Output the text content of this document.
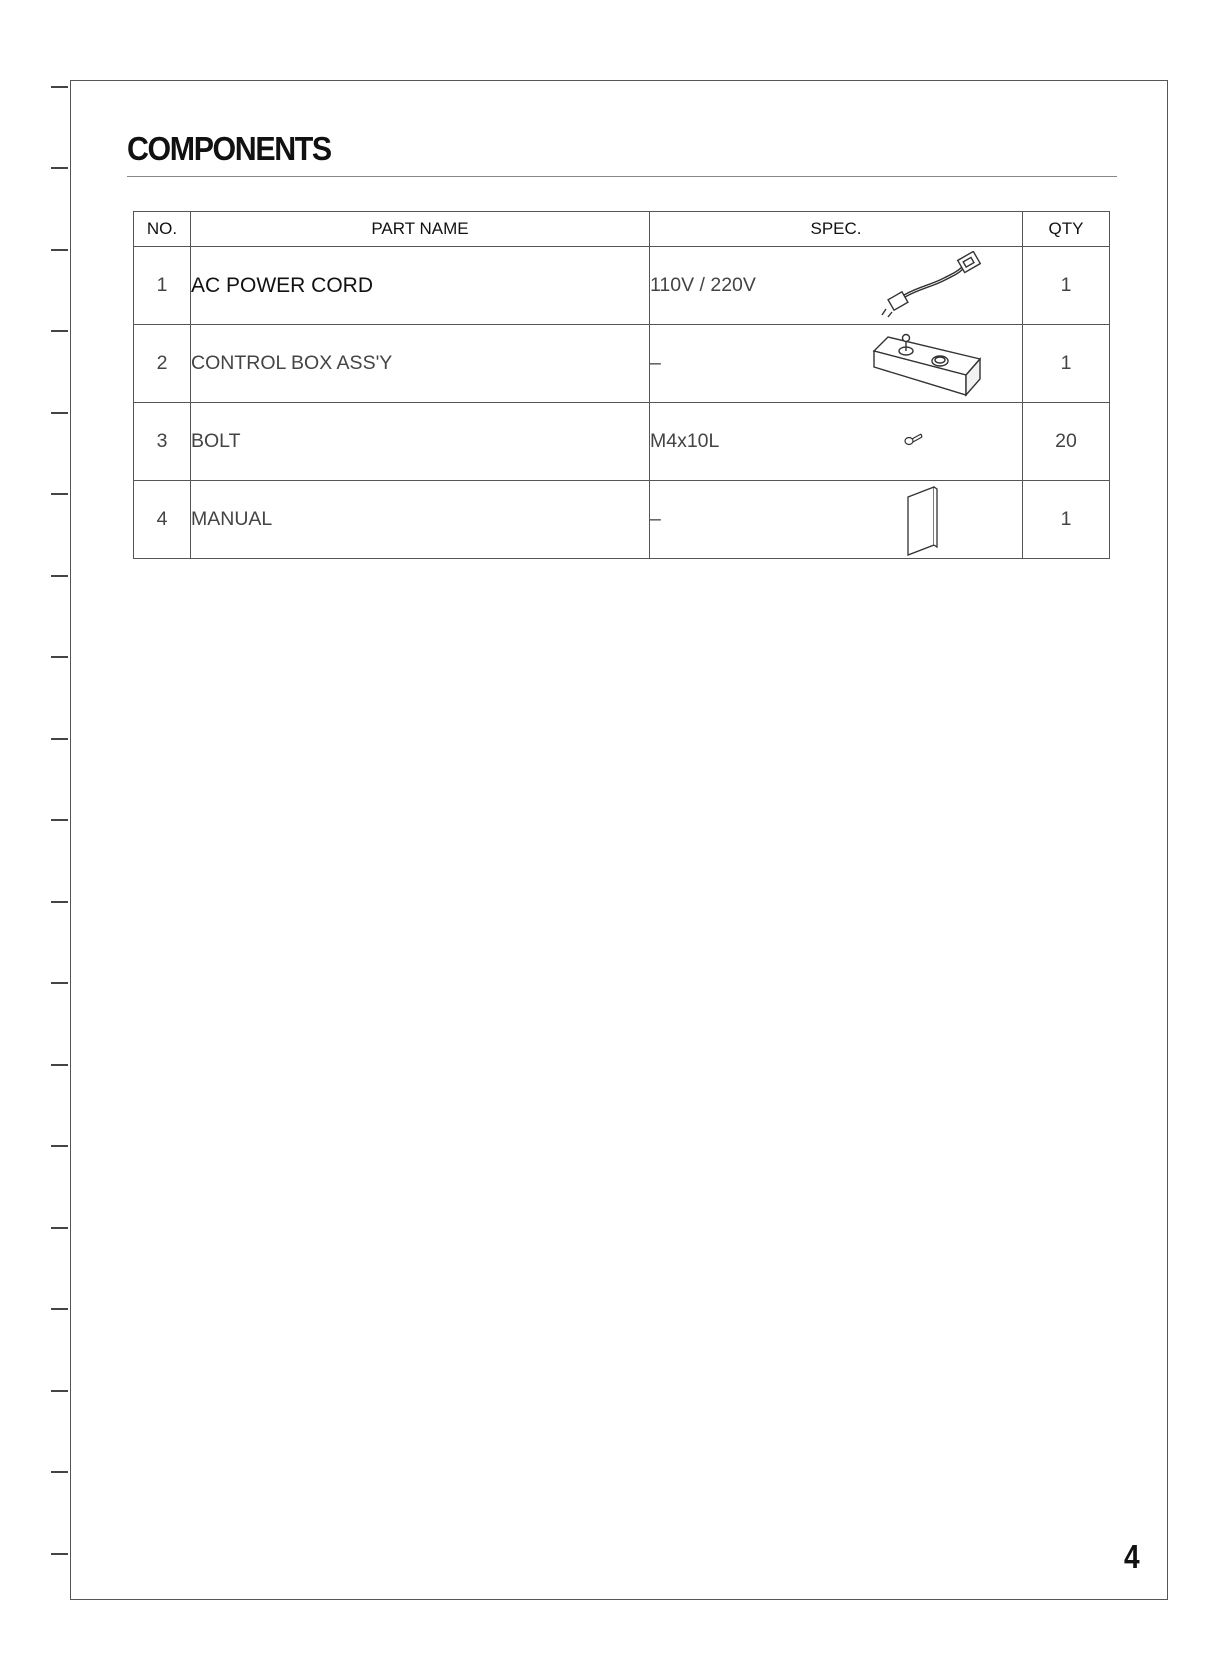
COMPONENTS
NO.	PART NAME	SPEC.	QTY
1	AC POWER CORD	110V / 220V	1
2	CONTROL BOX ASS'Y	–	1
3	BOLT	M4x10L	20
4	MANUAL	–	1
4
